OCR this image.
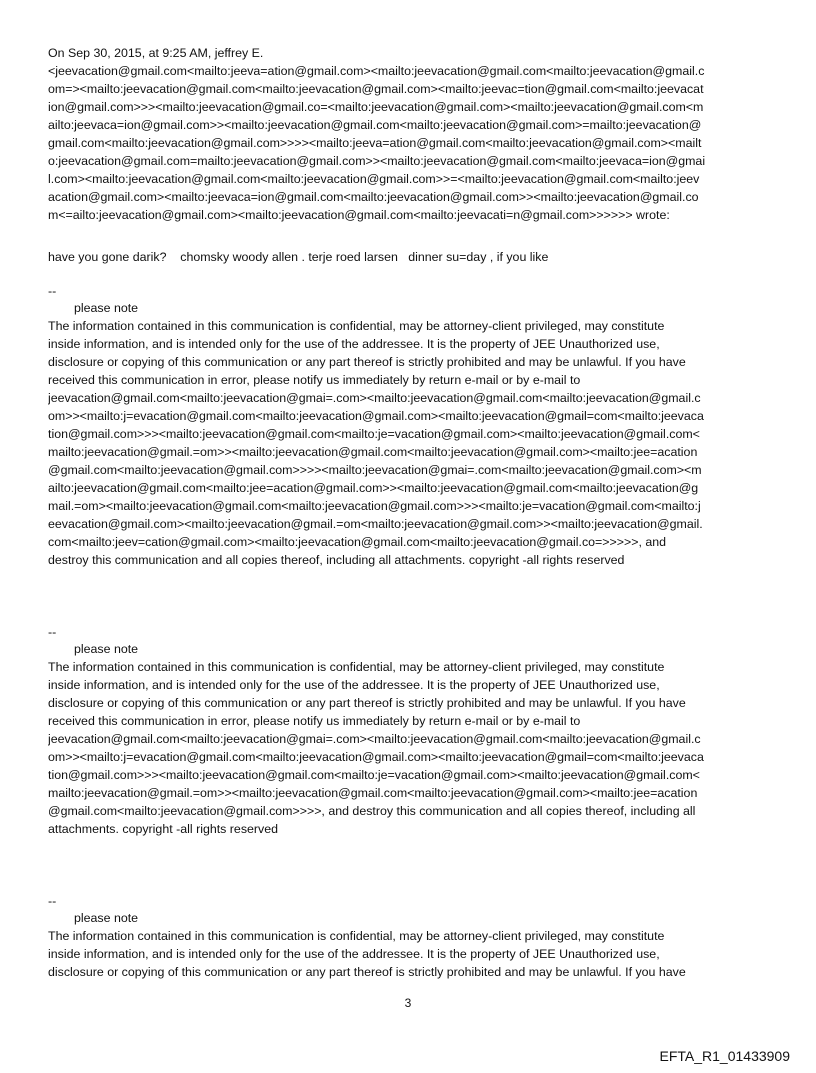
On Sep 30, 2015, at 9:25 AM, jeffrey E.
<jeevacation@gmail.com<mailto:jeeva=ation@gmail.com><mailto:jeevacation@gmail.com<mailto:jeevacation@gmail.c
om=><mailto:jeevacation@gmail.com<mailto:jeevacation@gmail.com><mailto:jeevac=tion@gmail.com<mailto:jeevacat
ion@gmail.com>>><mailto:jeevacation@gmail.co=<mailto:jeevacation@gmail.com><mailto:jeevacation@gmail.com<m
ailto:jeevaca=ion@gmail.com>><mailto:jeevacation@gmail.com<mailto:jeevacation@gmail.com>=mailto:jeevacation@
gmail.com<mailto:jeevacation@gmail.com>>>><mailto:jeeva=ation@gmail.com<mailto:jeevacation@gmail.com><mailt
o:jeevacation@gmail.com=mailto:jeevacation@gmail.com>><mailto:jeevacation@gmail.com<mailto:jeevaca=ion@gmai
l.com><mailto:jeevacation@gmail.com<mailto:jeevacation@gmail.com>>=<mailto:jeevacation@gmail.com<mailto:jeev
acation@gmail.com><mailto:jeevaca=ion@gmail.com<mailto:jeevacation@gmail.com>><mailto:jeevacation@gmail.co
m<=ailto:jeevacation@gmail.com><mailto:jeevacation@gmail.com<mailto:jeevacati=n@gmail.com>>>>>> wrote:
have you gone darik?    chomsky woody allen . terje roed larsen   dinner su=day , if you like
--
please note
The information contained in this communication is confidential, may be attorney-client privileged, may constitute
inside information, and is intended only for the use of the addressee. It is the property of JEE Unauthorized use,
disclosure or copying of this communication or any part thereof is strictly prohibited and may be unlawful. If you have
received this communication in error, please notify us immediately by return e-mail or by e-mail to
jeevacation@gmail.com<mailto:jeevacation@gmai=.com><mailto:jeevacation@gmail.com<mailto:jeevacation@gmail.c
om>><mailto:j=evacation@gmail.com<mailto:jeevacation@gmail.com><mailto:jeevacation@gmail=com<mailto:jeevaca
tion@gmail.com>>><mailto:jeevacation@gmail.com<mailto:je=vacation@gmail.com><mailto:jeevacation@gmail.com<
mailto:jeevacation@gmail.=om>><mailto:jeevacation@gmail.com<mailto:jeevacation@gmail.com><mailto:jee=acation
@gmail.com<mailto:jeevacation@gmail.com>>>><mailto:jeevacation@gmai=.com<mailto:jeevacation@gmail.com><m
ailto:jeevacation@gmail.com<mailto:jee=acation@gmail.com>><mailto:jeevacation@gmail.com<mailto:jeevacation@g
mail.=om><mailto:jeevacation@gmail.com<mailto:jeevacation@gmail.com>>><mailto:je=vacation@gmail.com<mailto:j
eevacation@gmail.com><mailto:jeevacation@gmail.=om<mailto:jeevacation@gmail.com>><mailto:jeevacation@gmail.
com<mailto:jeev=cation@gmail.com><mailto:jeevacation@gmail.com<mailto:jeevacation@gmail.co=>>>>>, and
destroy this communication and all copies thereof, including all attachments. copyright -all rights reserved
--
please note
The information contained in this communication is confidential, may be attorney-client privileged, may constitute
inside information, and is intended only for the use of the addressee. It is the property of JEE Unauthorized use,
disclosure or copying of this communication or any part thereof is strictly prohibited and may be unlawful. If you have
received this communication in error, please notify us immediately by return e-mail or by e-mail to
jeevacation@gmail.com<mailto:jeevacation@gmai=.com><mailto:jeevacation@gmail.com<mailto:jeevacation@gmail.c
om>><mailto:j=evacation@gmail.com<mailto:jeevacation@gmail.com><mailto:jeevacation@gmail=com<mailto:jeevaca
tion@gmail.com>>><mailto:jeevacation@gmail.com<mailto:je=vacation@gmail.com><mailto:jeevacation@gmail.com<
mailto:jeevacation@gmail.=om>><mailto:jeevacation@gmail.com<mailto:jeevacation@gmail.com><mailto:jee=acation
@gmail.com<mailto:jeevacation@gmail.com>>>>, and destroy this communication and all copies thereof, including all
attachments. copyright -all rights reserved
--
please note
The information contained in this communication is confidential, may be attorney-client privileged, may constitute
inside information, and is intended only for the use of the addressee. It is the property of JEE Unauthorized use,
disclosure or copying of this communication or any part thereof is strictly prohibited and may be unlawful. If you have
3
EFTA_R1_01433909
